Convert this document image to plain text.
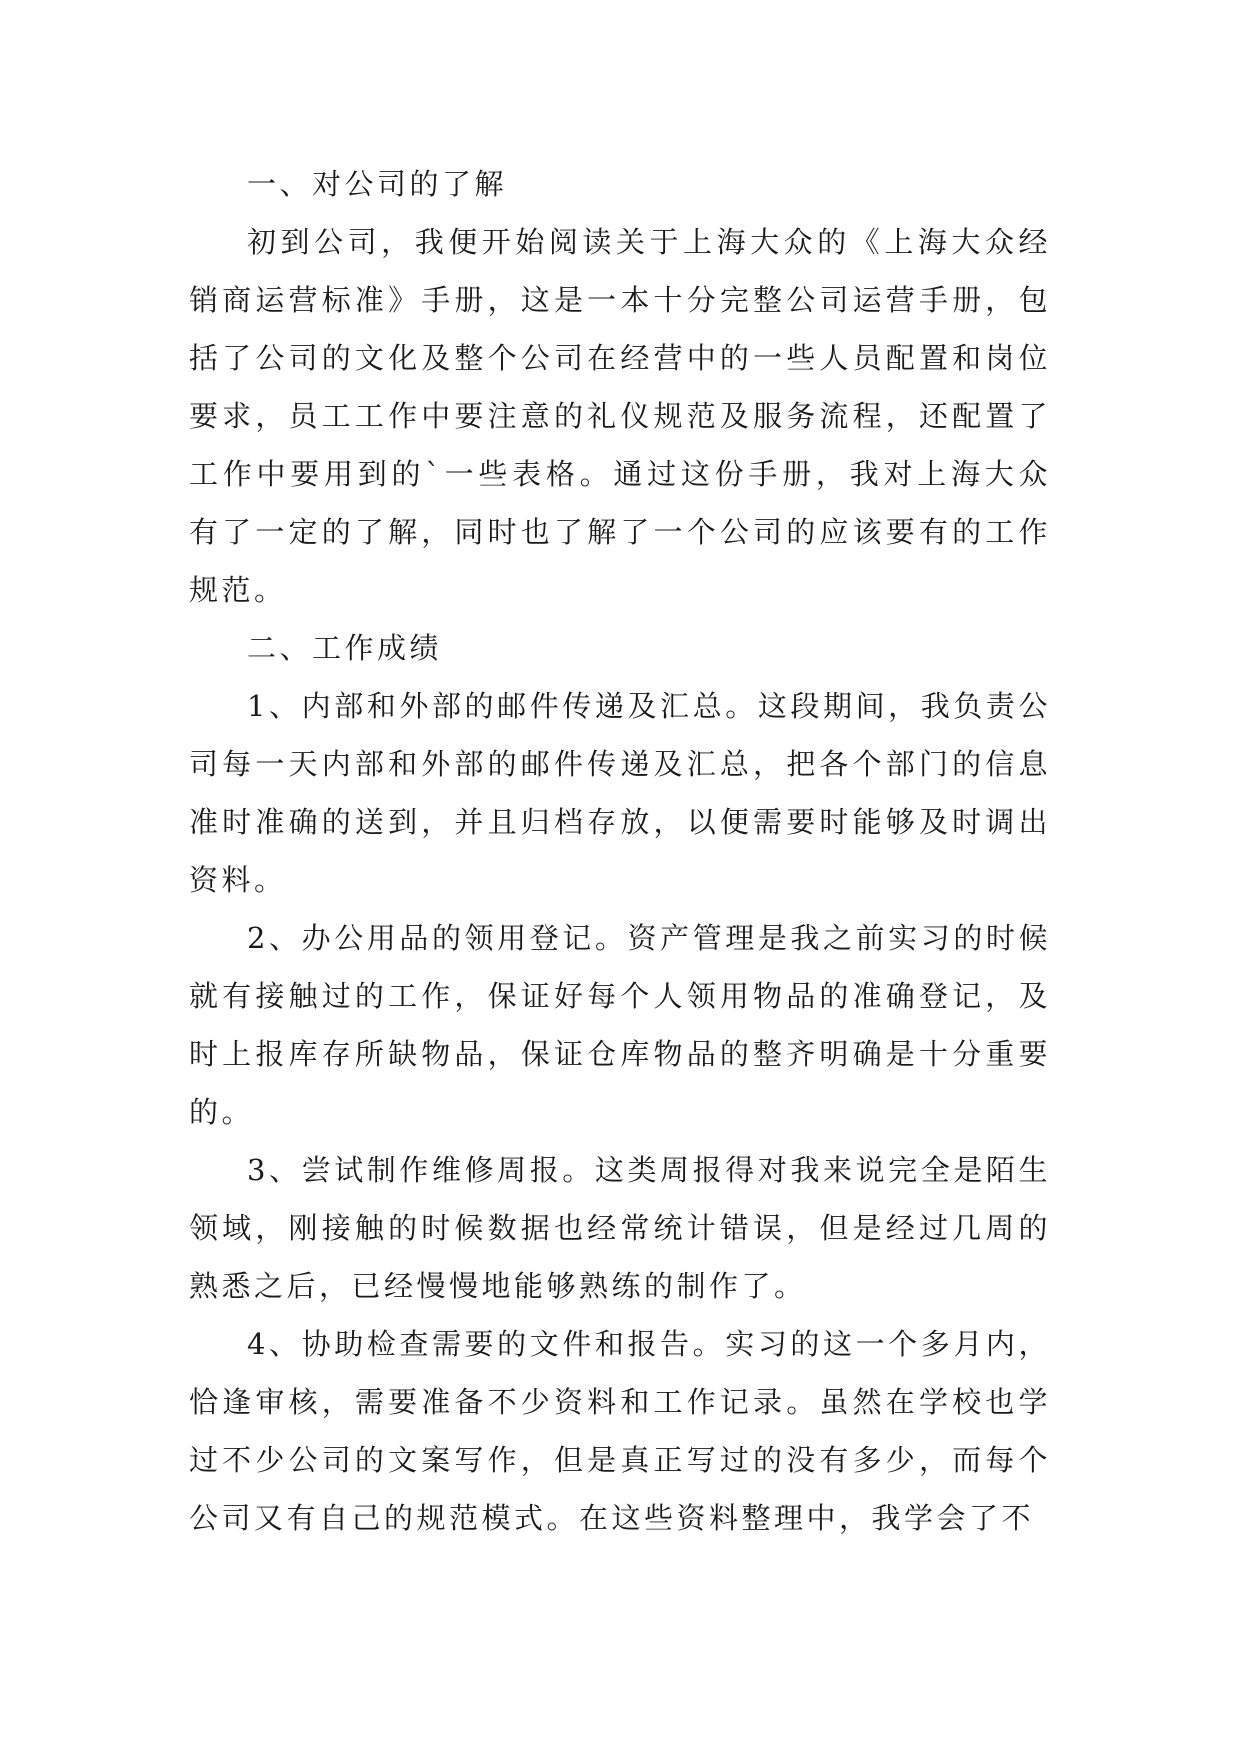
一、对公司的了解

初到公司，我便开始阅读关于上海大众的《上海大众经销商运营标准》手册，这是一本十分完整公司运营手册，包括了公司的文化及整个公司在经营中的一些人员配置和岗位要求，员工工作中要注意的礼仪规范及服务流程，还配置了工作中要用到的`一些表格。通过这份手册，我对上海大众有了一定的了解，同时也了解了一个公司的应该要有的工作规范。

二、工作成绩

1、内部和外部的邮件传递及汇总。这段期间，我负责公司每一天内部和外部的邮件传递及汇总，把各个部门的信息准时准确的送到，并且归档存放，以便需要时能够及时调出资料。

2、办公用品的领用登记。资产管理是我之前实习的时候就有接触过的工作，保证好每个人领用物品的准确登记，及时上报库存所缺物品，保证仓库物品的整齐明确是十分重要的。

3、尝试制作维修周报。这类周报得对我来说完全是陌生领域，刚接触的时候数据也经常统计错误，但是经过几周的熟悉之后，已经慢慢地能够熟练的制作了。

4、协助检查需要的文件和报告。实习的这一个多月内，恰逢审核，需要准备不少资料和工作记录。虽然在学校也学过不少公司的文案写作，但是真正写过的没有多少，而每个公司又有自己的规范模式。在这些资料整理中，我学会了不
